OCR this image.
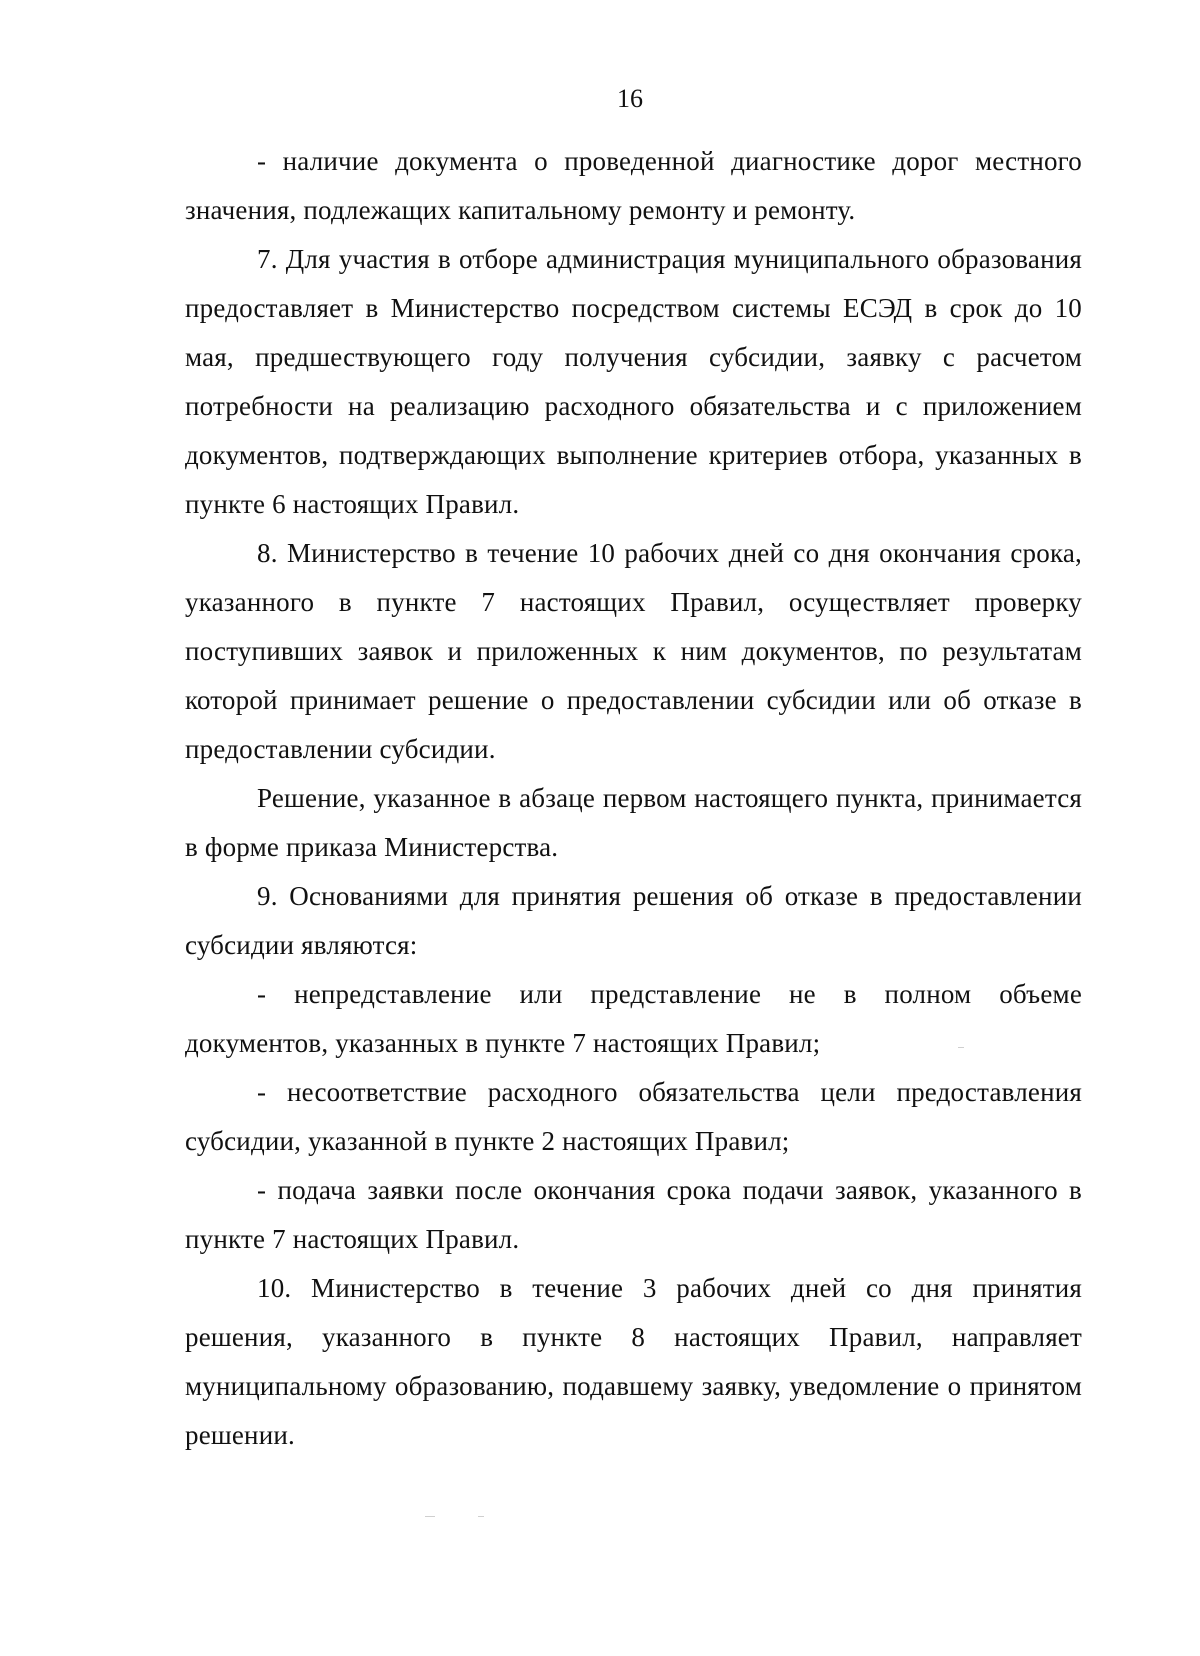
16

- наличие документа о проведенной диагностике дорог местного значения, подлежащих капитальному ремонту и ремонту.

7. Для участия в отборе администрация муниципального образования предоставляет в Министерство посредством системы ЕСЭД в срок до 10 мая, предшествующего году получения субсидии, заявку с расчетом потребности на реализацию расходного обязательства и с приложением документов, подтверждающих выполнение критериев отбора, указанных в пункте 6 настоящих Правил.

8. Министерство в течение 10 рабочих дней со дня окончания срока, указанного в пункте 7 настоящих Правил, осуществляет проверку поступивших заявок и приложенных к ним документов, по результатам которой принимает решение о предоставлении субсидии или об отказе в предоставлении субсидии.

Решение, указанное в абзаце первом настоящего пункта, принимается в форме приказа Министерства.

9. Основаниями для принятия решения об отказе в предоставлении субсидии являются:

- непредставление или представление не в полном объеме документов, указанных в пункте 7 настоящих Правил;

- несоответствие расходного обязательства цели предоставления субсидии, указанной в пункте 2 настоящих Правил;

- подача заявки после окончания срока подачи заявок, указанного в пункте 7 настоящих Правил.

10. Министерство в течение 3 рабочих дней со дня принятия решения, указанного в пункте 8 настоящих Правил, направляет муниципальному образованию, подавшему заявку, уведомление о принятом решении.
